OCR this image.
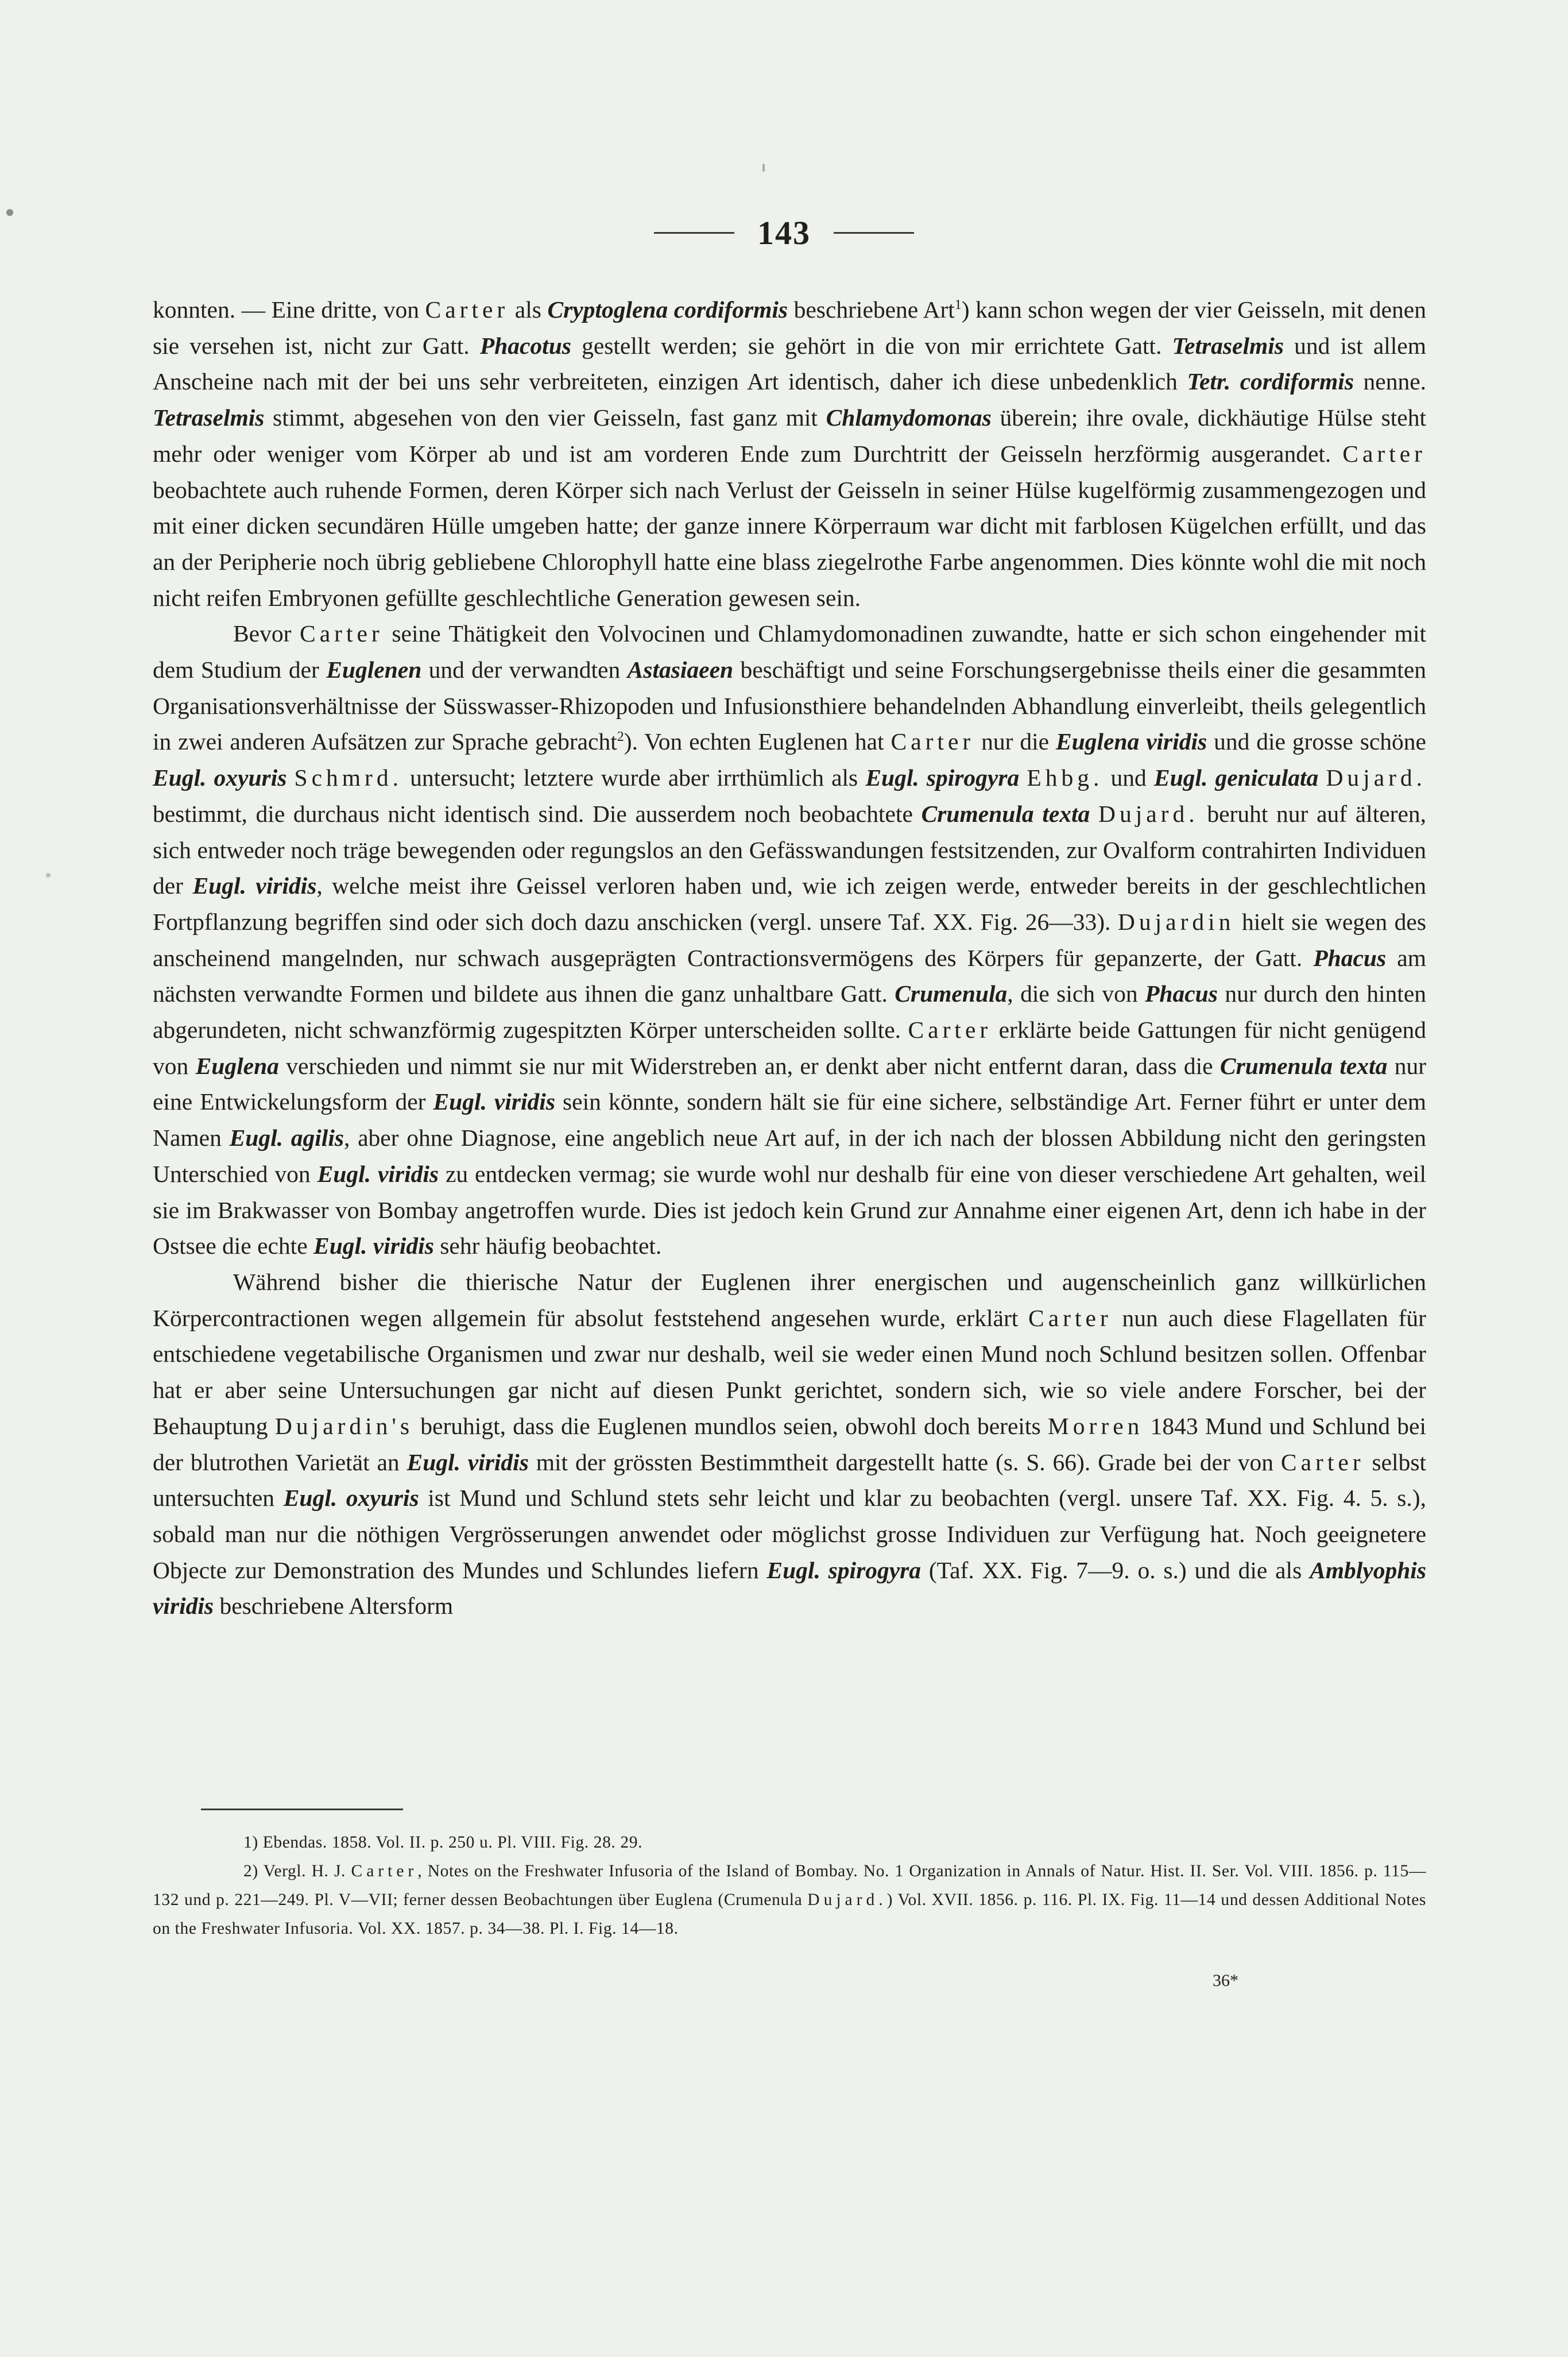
143

konnten. — Eine dritte, von Carter als Cryptoglena cordiformis beschriebene Art$^1$) kann schon wegen der vier Geisseln, mit denen sie versehen ist, nicht zur Gatt. Phacotus gestellt werden; sie gehört in die von mir errichtete Gatt. Tetraselmis und ist allem Anscheine nach mit der bei uns sehr verbreiteten, einzigen Art identisch, daher ich diese unbedenklich Tetr. cordiformis nenne. Tetraselmis stimmt, abgesehen von den vier Geisseln, fast ganz mit Chlamydomonas überein; ihre ovale, dickhäutige Hülse steht mehr oder weniger vom Körper ab und ist am vorderen Ende zum Durchtritt der Geisseln herzförmig ausgerandet. Carter beobachtete auch ruhende Formen, deren Körper sich nach Verlust der Geisseln in seiner Hülse kugelförmig zusammengezogen und mit einer dicken secundären Hülle umgeben hatte; der ganze innere Körperraum war dicht mit farblosen Kügelchen erfüllt, und das an der Peripherie noch übrig gebliebene Chlorophyll hatte eine blass ziegelrothe Farbe angenommen. Dies könnte wohl die mit noch nicht reifen Embryonen gefüllte geschlechtliche Generation gewesen sein.

Bevor Carter seine Thätigkeit den Volvocinen und Chlamydomonadinen zuwandte, hatte er sich schon eingehender mit dem Studium der Euglenen und der verwandten Astasiaeen beschäftigt und seine Forschungsergebnisse theils einer die gesammten Organisationsverhältnisse der Süsswasser-Rhizopoden und Infusionsthiere behandelnden Abhandlung einverleibt, theils gelegentlich in zwei anderen Aufsätzen zur Sprache gebracht$^2$). Von echten Euglenen hat Carter nur die Euglena viridis und die grosse schöne Eugl. oxyuris Schmrd. untersucht; letztere wurde aber irrthümlich als Eugl. spirogyra Ehbg. und Eugl. geniculata Dujard. bestimmt, die durchaus nicht identisch sind. Die ausserdem noch beobachtete Crumenula texta Dujard. beruht nur auf älteren, sich entweder noch träge bewegenden oder regungslos an den Gefässwandungen festsitzenden, zur Ovalform contrahirten Individuen der Eugl. viridis, welche meist ihre Geissel verloren haben und, wie ich zeigen werde, entweder bereits in der geschlechtlichen Fortpflanzung begriffen sind oder sich doch dazu anschicken (vergl. unsere Taf. XX. Fig. 26—33). Dujardin hielt sie wegen des anscheinend mangelnden, nur schwach ausgeprägten Contractionsvermögens des Körpers für gepanzerte, der Gatt. Phacus am nächsten verwandte Formen und bildete aus ihnen die ganz unhaltbare Gatt. Crumenula, die sich von Phacus nur durch den hinten abgerundeten, nicht schwanzförmig zugespitzten Körper unterscheiden sollte. Carter erklärte beide Gattungen für nicht genügend von Euglena verschieden und nimmt sie nur mit Widerstreben an, er denkt aber nicht entfernt daran, dass die Crumenula texta nur eine Entwickelungsform der Eugl. viridis sein könnte, sondern hält sie für eine sichere, selbständige Art. Ferner führt er unter dem Namen Eugl. agilis, aber ohne Diagnose, eine angeblich neue Art auf, in der ich nach der blossen Abbildung nicht den geringsten Unterschied von Eugl. viridis zu entdecken vermag; sie wurde wohl nur deshalb für eine von dieser verschiedene Art gehalten, weil sie im Brakwasser von Bombay angetroffen wurde. Dies ist jedoch kein Grund zur Annahme einer eigenen Art, denn ich habe in der Ostsee die echte Eugl. viridis sehr häufig beobachtet.

Während bisher die thierische Natur der Euglenen ihrer energischen und augenscheinlich ganz willkürlichen Körpercontractionen wegen allgemein für absolut feststehend angesehen wurde, erklärt Carter nun auch diese Flagellaten für entschiedene vegetabilische Organismen und zwar nur deshalb, weil sie weder einen Mund noch Schlund besitzen sollen. Offenbar hat er aber seine Untersuchungen gar nicht auf diesen Punkt gerichtet, sondern sich, wie so viele andere Forscher, bei der Behauptung Dujardin's beruhigt, dass die Euglenen mundlos seien, obwohl doch bereits Morren 1843 Mund und Schlund bei der blutrothen Varietät an Eugl. viridis mit der grössten Bestimmtheit dargestellt hatte (s. S. 66). Grade bei der von Carter selbst untersuchten Eugl. oxyuris ist Mund und Schlund stets sehr leicht und klar zu beobachten (vergl. unsere Taf. XX. Fig. 4. 5. s.), sobald man nur die nöthigen Vergrösserungen anwendet oder möglichst grosse Individuen zur Verfügung hat. Noch geeignetere Objecte zur Demonstration des Mundes und Schlundes liefern Eugl. spirogyra (Taf. XX. Fig. 7—9. o. s.) und die als Amblyophis viridis beschriebene Altersform

1) Ebendas. 1858. Vol. II. p. 250 u. Pl. VIII. Fig. 28. 29.

2) Vergl. H. J. Carter, Notes on the Freshwater Infusoria of the Island of Bombay. No. 1 Organization in Annals of Natur. Hist. II. Ser. Vol. VIII. 1856. p. 115—132 und p. 221—249. Pl. V—VII; ferner dessen Beobachtungen über Euglena (Crumenula Dujard.) Vol. XVII. 1856. p. 116. Pl. IX. Fig. 11—14 und dessen Additional Notes on the Freshwater Infusoria. Vol. XX. 1857. p. 34—38. Pl. I. Fig. 14—18.

36*
